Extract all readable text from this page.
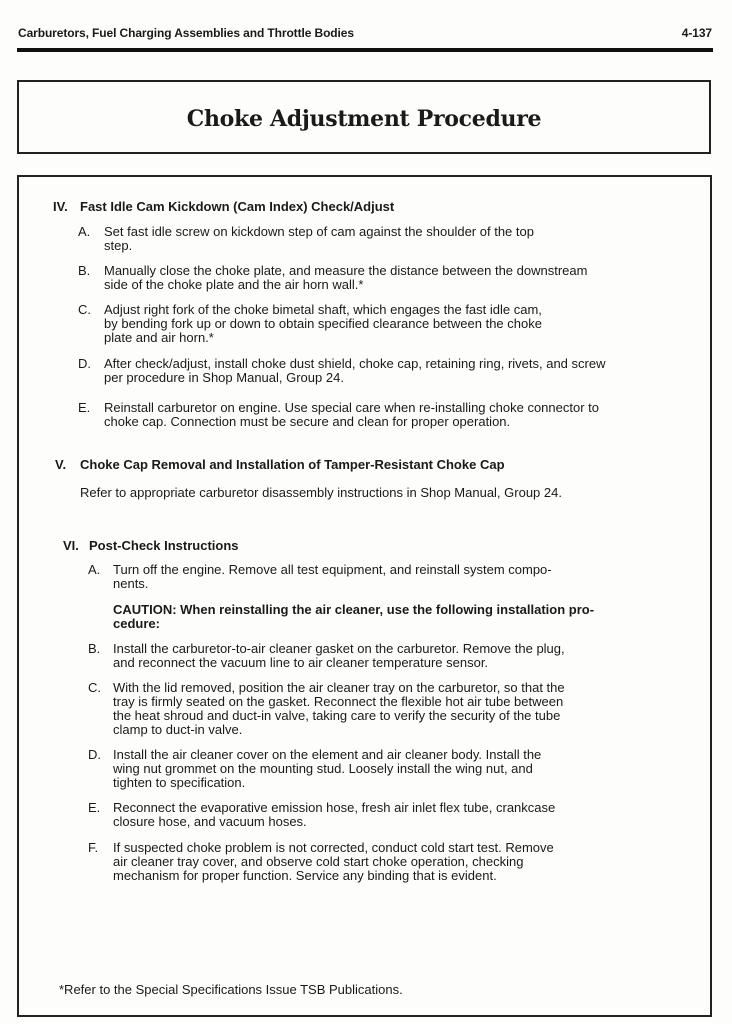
Carburetors, Fuel Charging Assemblies and Throttle Bodies	4-137
Choke Adjustment Procedure
IV. Fast Idle Cam Kickdown (Cam Index) Check/Adjust
A. Set fast idle screw on kickdown step of cam against the shoulder of the top
step.
B. Manually close the choke plate, and measure the distance between the downstream
side of the choke plate and the air horn wall.*
C. Adjust right fork of the choke bimetal shaft, which engages the fast idle cam,
by bending fork up or down to obtain specified clearance between the choke
plate and air horn.*
D. After check/adjust, install choke dust shield, choke cap, retaining ring, rivets, and screw
per procedure in Shop Manual, Group 24.
E. Reinstall carburetor on engine. Use special care when re-installing choke connector to
choke cap. Connection must be secure and clean for proper operation.
V. Choke Cap Removal and Installation of Tamper-Resistant Choke Cap
Refer to appropriate carburetor disassembly instructions in Shop Manual, Group 24.
VI. Post-Check Instructions
A. Turn off the engine. Remove all test equipment, and reinstall system compo-
nents.
CAUTION: When reinstalling the air cleaner, use the following installation pro-
cedure:
B. Install the carburetor-to-air cleaner gasket on the carburetor. Remove the plug,
and reconnect the vacuum line to air cleaner temperature sensor.
C. With the lid removed, position the air cleaner tray on the carburetor, so that the
tray is firmly seated on the gasket. Reconnect the flexible hot air tube between
the heat shroud and duct-in valve, taking care to verify the security of the tube
clamp to duct-in valve.
D. Install the air cleaner cover on the element and air cleaner body. Install the
wing nut grommet on the mounting stud. Loosely install the wing nut, and
tighten to specification.
E. Reconnect the evaporative emission hose, fresh air inlet flex tube, crankcase
closure hose, and vacuum hoses.
F. If suspected choke problem is not corrected, conduct cold start test. Remove
air cleaner tray cover, and observe cold start choke operation, checking
mechanism for proper function. Service any binding that is evident.
*Refer to the Special Specifications Issue TSB Publications.
